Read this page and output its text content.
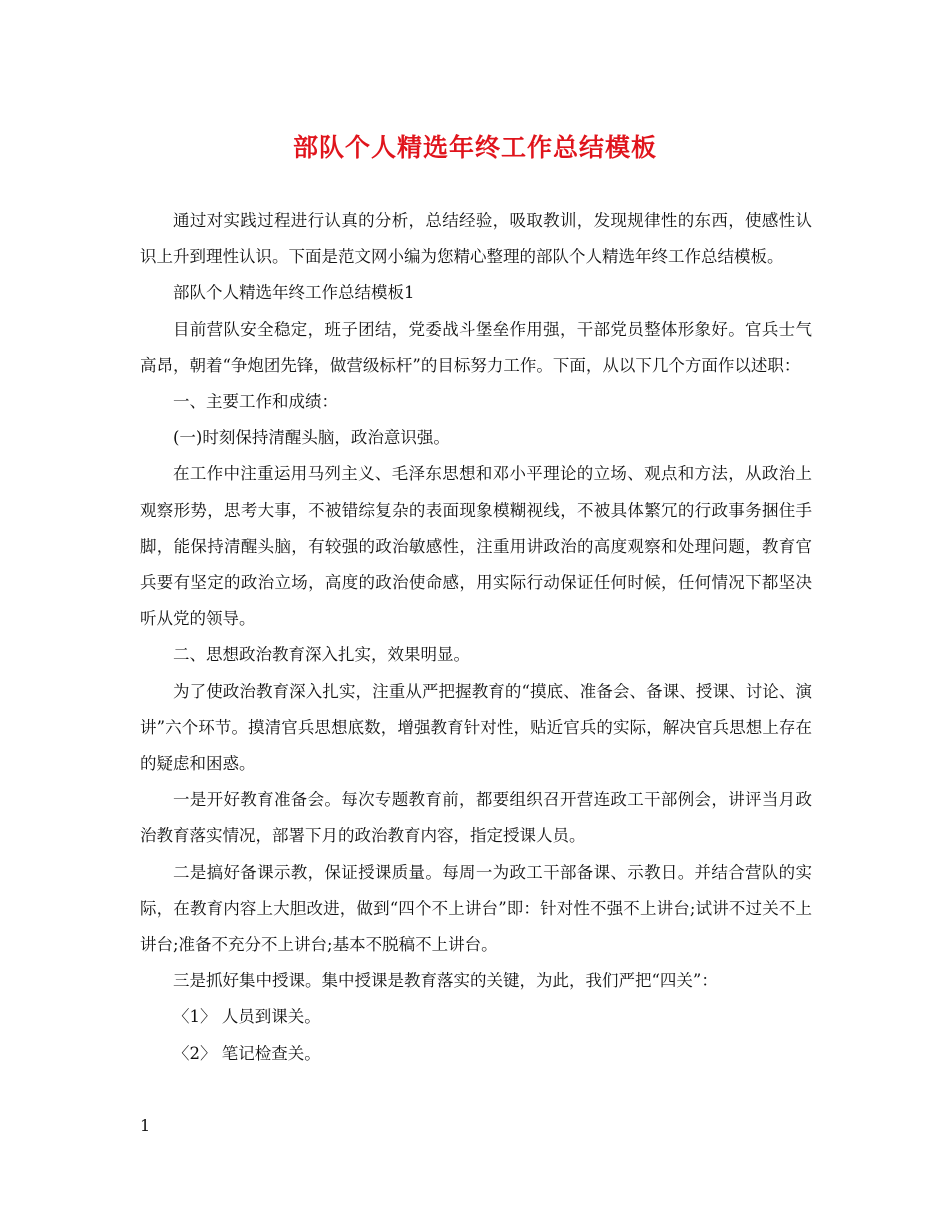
部队个人精选年终工作总结模板

通过对实践过程进行认真的分析，总结经验，吸取教训，发现规律性的东西，使感性认识上升到理性认识。下面是范文网小编为您精心整理的部队个人精选年终工作总结模板。

部队个人精选年终工作总结模板1

目前营队安全稳定，班子团结，党委战斗堡垒作用强，干部党员整体形象好。官兵士气高昂，朝着“争炮团先锋，做营级标杆”的目标努力工作。下面，从以下几个方面作以述职：

一、主要工作和成绩：

(一)时刻保持清醒头脑，政治意识强。

在工作中注重运用马列主义、毛泽东思想和邓小平理论的立场、观点和方法，从政治上观察形势，思考大事，不被错综复杂的表面现象模糊视线，不被具体繁冗的行政事务捆住手脚，能保持清醒头脑，有较强的政治敏感性，注重用讲政治的高度观察和处理问题，教育官兵要有坚定的政治立场，高度的政治使命感，用实际行动保证任何时候，任何情况下都坚决听从党的领导。

二、思想政治教育深入扎实，效果明显。

为了使政治教育深入扎实，注重从严把握教育的“摸底、准备会、备课、授课、讨论、演讲”六个环节。摸清官兵思想底数，增强教育针对性，贴近官兵的实际，解决官兵思想上存在的疑虑和困惑。

一是开好教育准备会。每次专题教育前，都要组织召开营连政工干部例会，讲评当月政治教育落实情况，部署下月的政治教育内容，指定授课人员。

二是搞好备课示教，保证授课质量。每周一为政工干部备课、示教日。并结合营队的实际，在教育内容上大胆改进，做到“四个不上讲台”即：针对性不强不上讲台;试讲不过关不上讲台;准备不充分不上讲台;基本不脱稿不上讲台。

三是抓好集中授课。集中授课是教育落实的关键，为此，我们严把“四关”：

〈1〉 人员到课关。

〈2〉 笔记检查关。

1
